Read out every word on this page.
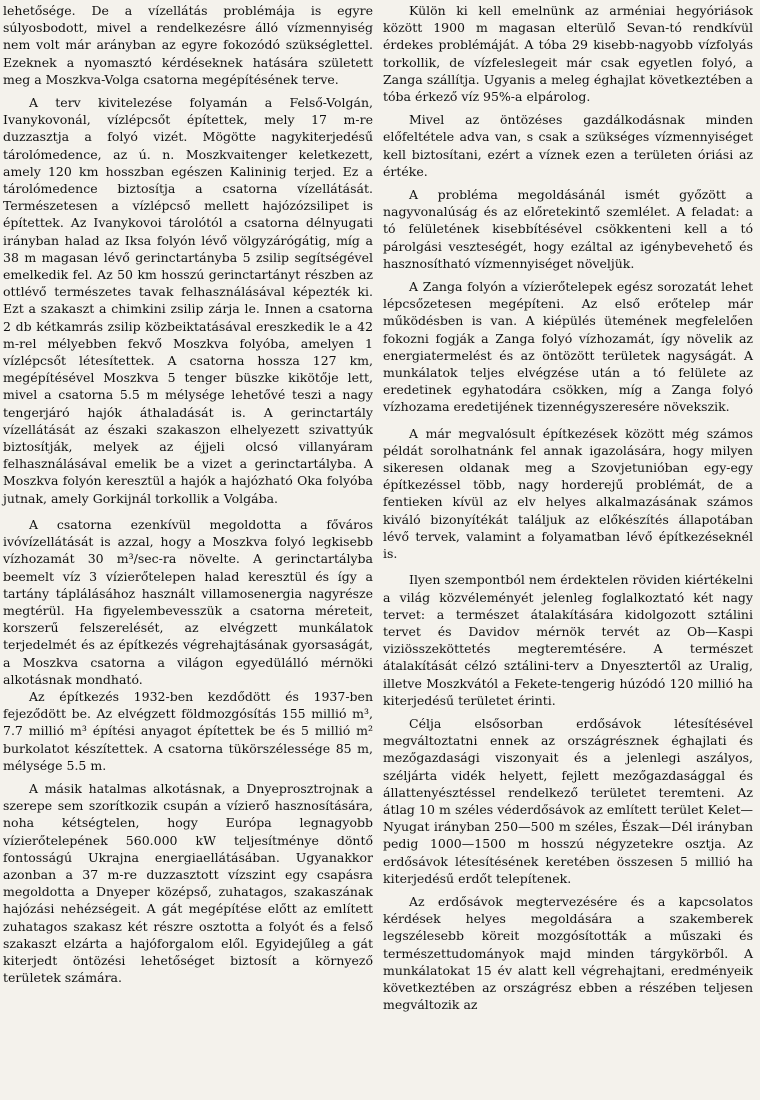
lehetősége. De a vízellátás problémája is egyre súlyosbodott, mivel a rendelkezésre álló vízmennyiség nem volt már arányban az egyre fokozódó szükséglettel. Ezeknek a nyomasztó kérdéseknek hatására született meg a Moszkva-Volga csatorna megépítésének terve.

A terv kivitelezése folyamán a Felső-Volgán, Ivanykovonál, vízlépcsőt építettek, mely 17 m-re duzzasztja a folyó vizét. Mögötte nagykiterjedésű tárolómedence, az ú. n. Moszkvaitenger keletkezett, amely 120 km hosszban egészen Kalininig terjed. Ez a tárolómedence biztosítja a csatorna vízellátását. Természetesen a vízlépcső mellett hajózózsilipet is építettek. Az Ivanykovoi tárolótól a csatorna délnyugati irányban halad az Iksa folyón lévő völgyzárógátig, míg a 38 m magasan lévő gerinctartányba 5 zsilip segítségével emelkedik fel. Az 50 km hosszú gerinctartányt részben az ottlévő természetes tavak felhasználásával képezték ki. Ezt a szakaszt a chimkini zsilip zárja le. Innen a csatorna 2 db kétkamrás zsilip közbeiktatásával ereszkedik le a 42 m-rel mélyebben fekvő Moszkva folyóba, amelyen 1 vízlépcsőt létesítettek. A csatorna hossza 127 km, megépítésével Moszkva 5 tenger büszke kikötője lett, mivel a csatorna 5.5 m mélysége lehetővé teszi a nagy tengerjáró hajók áthaladását is. A gerinctartály vízellátását az északi szakaszon elhelyezett szivattyúk biztosítják, melyek az éjjeli olcsó villanyáram felhasználásával emelik be a vizet a gerinctartályba. A Moszkva folyón keresztül a hajók a hajózható Oka folyóba jutnak, amely Gorkijnál torkollik a Volgába.

A csatorna ezenkívül megoldotta a főváros ivóvízellátását is azzal, hogy a Moszkva folyó legkisebb vízhozamát 30 m³/sec-ra növelte. A gerinctartályba beemelt víz 3 vízierőtelepen halad keresztül és így a tartány táplálásához használt villamosenergia nagyrésze megtérül. Ha figyelembevesszük a csatorna méreteit, korszerű felszerelését, az elvégzett munkálatok terjedelmét és az építkezés végrehajtásának gyorsaságát, a Moszkva csatorna a világon egyedülálló mérnöki alkotásnak mondható.

Az építkezés 1932-ben kezdődött és 1937-ben fejeződött be. Az elvégzett földmozgósítás 155 millió m³, 7.7 millió m³ építési anyagot építettek be és 5 millió m² burkolatot készítettek. A csatorna tükörszélessége 85 m, mélysége 5.5 m.

A másik hatalmas alkotásnak, a Dnyeprosztrojnak a szerepe sem szorítkozik csupán a vízierő hasznosítására, noha kétségtelen, hogy Európa legnagyobb vízierőtelepének 560.000 kW teljesítménye döntő fontosságú Ukrajna energiaellátásában. Ugyanakkor azonban a 37 m-re duzzasztott vízszint egy csapásra megoldotta a Dnyeper középső, zuhatagos, szakaszának hajózási nehézségeit. A gát megépítése előtt az említett zuhatagos szakasz két részre osztotta a folyót és a felső szakaszt elzárta a hajóforgalom elől. Egyidejűleg a gát kiterjedt öntözési lehetőséget biztosít a környező területek számára.

Külön ki kell emelnünk az arméniai hegyóriások között 1900 m magasan elterülő Sevan-tó rendkívül érdekes problémáját. A tóba 29 kisebb-nagyobb vízfolyás torkollik, de vízfeleslegeit már csak egyetlen folyó, a Zanga szállítja. Ugyanis a meleg éghajlat következtében a tóba érkező víz 95%-a elpárolog.

Mivel az öntözéses gazdálkodásnak minden előfeltétele adva van, s csak a szükséges vízmennyiséget kell biztosítani, ezért a víznek ezen a területen óriási az értéke.

A probléma megoldásánál ismét győzött a nagyvonalúság és az előretekintő szemlélet. A feladat: a tó felületének kisebbítésével csökkenteni kell a tó párolgási veszteségét, hogy ezáltal az igénybevehető és hasznosítható vízmennyiséget növeljük.

A Zanga folyón a vízierőtelepek egész sorozatát lehet lépcsőzetesen megépíteni. Az első erőtelep már működésben is van. A kiépülés ütemének megfelelően fokozni fogják a Zanga folyó vízhozamát, így növelik az energiatermelést és az öntözött területek nagyságát. A munkálatok teljes elvégzése után a tó felülete az eredetinek egyhatodára csökken, míg a Zanga folyó vízhozama eredetijének tizennégyszeresére növekszik.

A már megvalósult építkezések között még számos példát sorolhatnánk fel annak igazolására, hogy milyen sikeresen oldanak meg a Szovjetunióban egy-egy építkezéssel több, nagy horderejű problémát, de a fentieken kívül az elv helyes alkalmazásának számos kiváló bizonyítékát találjuk az előkészítés állapotában lévő tervek, valamint a folyamatban lévő építkezéseknél is.

Ilyen szempontból nem érdektelen röviden kiértékelni a világ közvéleményét jelenleg foglalkoztató két nagy tervet: a természet átalakítására kidolgozott sztálini tervet és Davidov mérnök tervét az Ob—Kaspi viziösszeköttetés megteremtésére. A természet átalakítását célzó sztálini-terv a Dnyesztertől az Uralig, illetve Moszkvától a Fekete-tengerig húzódó 120 millió ha kiterjedésű területet érinti.

Célja elsősorban erdősávok létesítésével megváltoztatni ennek az országrésznek éghajlati és mezőgazdasági viszonyait és a jelenlegi aszályos, széljárta vidék helyett, fejlett mezőgazdasággal és állattenyésztéssel rendelkező területet teremteni. Az átlag 10 m széles véderdősávok az említett terület Kelet—Nyugat irányban 250—500 m széles, Észak—Dél irányban pedig 1000—1500 m hosszú négyzetekre osztja. Az erdősávok létesítésének keretében összesen 5 millió ha kiterjedésű erdőt telepítenek.

Az erdősávok megtervezésére és a kapcsolatos kérdések helyes megoldására a szakemberek legszélesebb köreit mozgósították a műszaki és természettudományok majd minden tárgykörből. A munkálatokat 15 év alatt kell végrehajtani, eredményeik következtében az országrész ebben a részében teljesen megváltozik az
